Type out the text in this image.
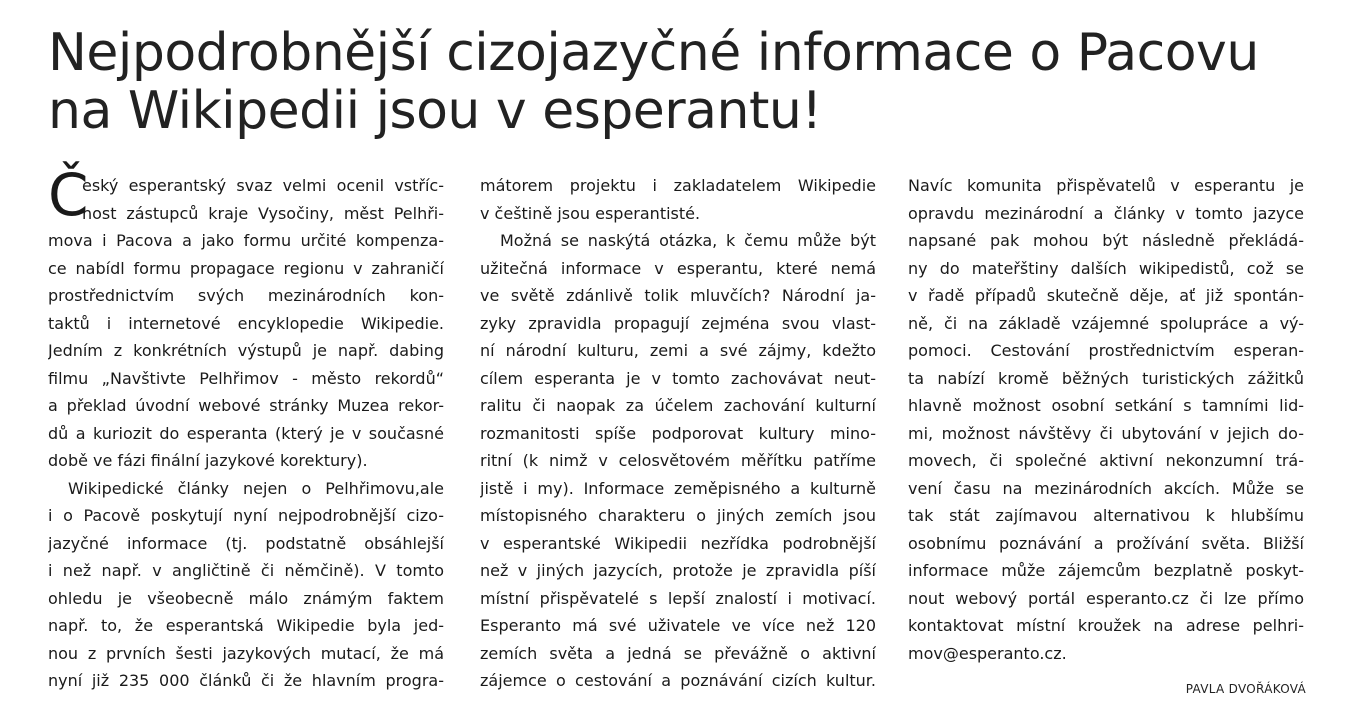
Nejpodrobnější cizojazyčné informace o Pacovu na Wikipedii jsou v esperantu!
Č
eský esperantský svaz velmi ocenil vstříc-
nost zástupců kraje Vysočiny, měst Pelhři-
mova i Pacova a jako formu určité kompenza-
ce nabídl formu propagace regionu v zahraničí
prostřednictvím svých mezinárodních kon-
taktů i internetové encyklopedie Wikipedie.
Jedním z konkrétních výstupů je např. dabing
filmu „Navštivte Pelhřimov - město rekordů“
a překlad úvodní webové stránky Muzea rekor-
dů a kuriozit do esperanta (který je v současné
době ve fázi finální jazykové korektury).
Wikipedické články nejen o Pelhřimovu,ale
i o Pacově poskytují nyní nejpodrobnější cizo-
jazyčné informace (tj. podstatně obsáhlejší
i než např. v angličtině či němčině). V tomto
ohledu je všeobecně málo známým faktem
např. to, že esperantská Wikipedie byla jed-
nou z prvních šesti jazykových mutací, že má
nyní již 235 000 článků či že hlavním progra-
mátorem projektu i zakladatelem Wikipedie
v češtině jsou esperantisté.
Možná se naskýtá otázka, k čemu může být
užitečná informace v esperantu, které nemá
ve světě zdánlivě tolik mluvčích? Národní ja-
zyky zpravidla propagují zejména svou vlast-
ní národní kulturu, zemi a své zájmy, kdežto
cílem esperanta je v tomto zachovávat neut-
ralitu či naopak za účelem zachování kulturní
rozmanitosti spíše podporovat kultury mino-
ritní (k nimž v celosvětovém měřítku patříme
jistě i my). Informace zeměpisného a kulturně
místopisného charakteru o jiných zemích jsou
v esperantské Wikipedii nezřídka podrobnější
než v jiných jazycích, protože je zpravidla píší
místní přispěvatelé s lepší znalostí i motivací.
Esperanto má své uživatele ve více než 120
zemích světa a jedná se převážně o aktivní
zájemce o cestování a poznávání cizích kultur.
Navíc komunita přispěvatelů v esperantu je
opravdu mezinárodní a články v tomto jazyce
napsané pak mohou být následně překládá-
ny do mateřštiny dalších wikipedistů, což se
v řadě případů skutečně děje, ať již spontán-
ně, či na základě vzájemné spolupráce a vý-
pomoci. Cestování prostřednictvím esperan-
ta nabízí kromě běžných turistických zážitků
hlavně možnost osobní setkání s tamními lid-
mi, možnost návštěvy či ubytování v jejich do-
movech, či společné aktivní nekonzumní trá-
vení času na mezinárodních akcích. Může se
tak stát zajímavou alternativou k hlubšímu
osobnímu poznávání a prožívání světa. Bližší
informace může zájemcům bezplatně poskyt-
nout webový portál esperanto.cz či lze přímo
kontaktovat místní kroužek na adrese pelhri-
mov@esperanto.cz.
PAVLA DVOŘÁKOVÁ
